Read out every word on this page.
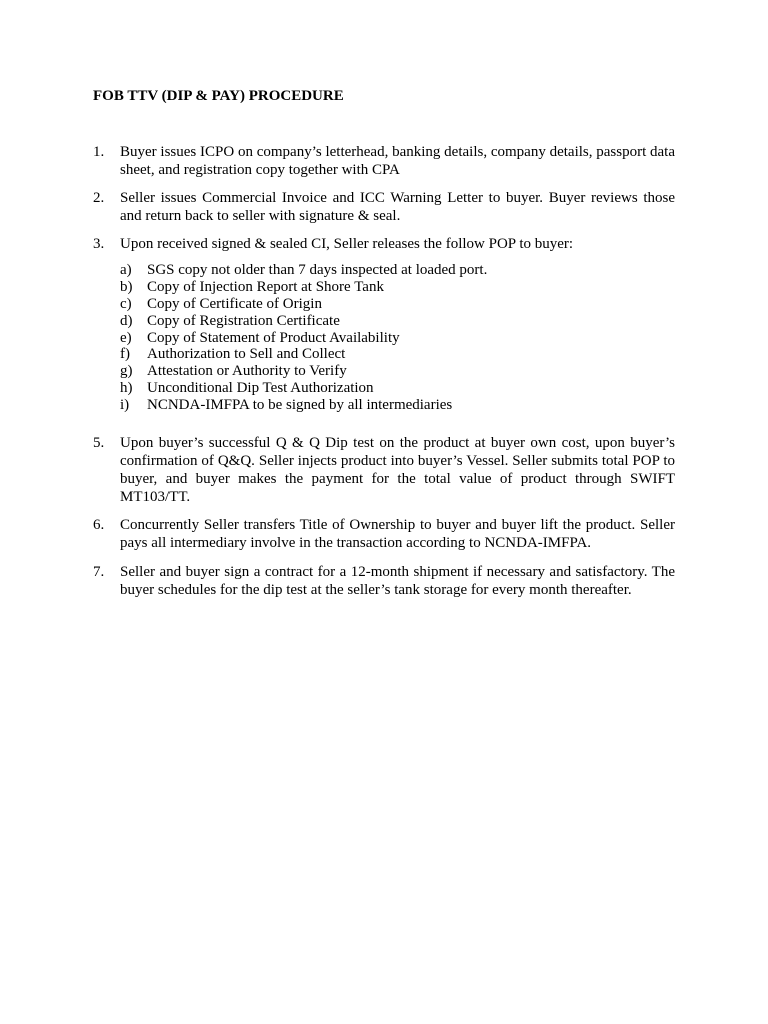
FOB TTV (DIP & PAY) PROCEDURE
1. Buyer issues ICPO on company’s letterhead, banking details, company details, passport data sheet, and registration copy together with CPA
2. Seller issues Commercial Invoice and ICC Warning Letter to buyer. Buyer reviews those and return back to seller with signature & seal.
3. Upon received signed & sealed CI, Seller releases the follow POP to buyer:
a) SGS copy not older than 7 days inspected at loaded port.
b) Copy of Injection Report at Shore Tank
c) Copy of Certificate of Origin
d) Copy of Registration Certificate
e) Copy of Statement of Product Availability
f) Authorization to Sell and Collect
g) Attestation or Authority to Verify
h) Unconditional Dip Test Authorization
i) NCNDA-IMFPA to be signed by all intermediaries
5. Upon buyer’s successful Q & Q Dip test on the product at buyer own cost, upon buyer’s confirmation of Q&Q. Seller injects product into buyer’s Vessel. Seller submits total POP to buyer, and buyer makes the payment for the total value of product through SWIFT MT103/TT.
6. Concurrently Seller transfers Title of Ownership to buyer and buyer lift the product. Seller pays all intermediary involve in the transaction according to NCNDA-IMFPA.
7. Seller and buyer sign a contract for a 12-month shipment if necessary and satisfactory. The buyer schedules for the dip test at the seller’s tank storage for every month thereafter.
